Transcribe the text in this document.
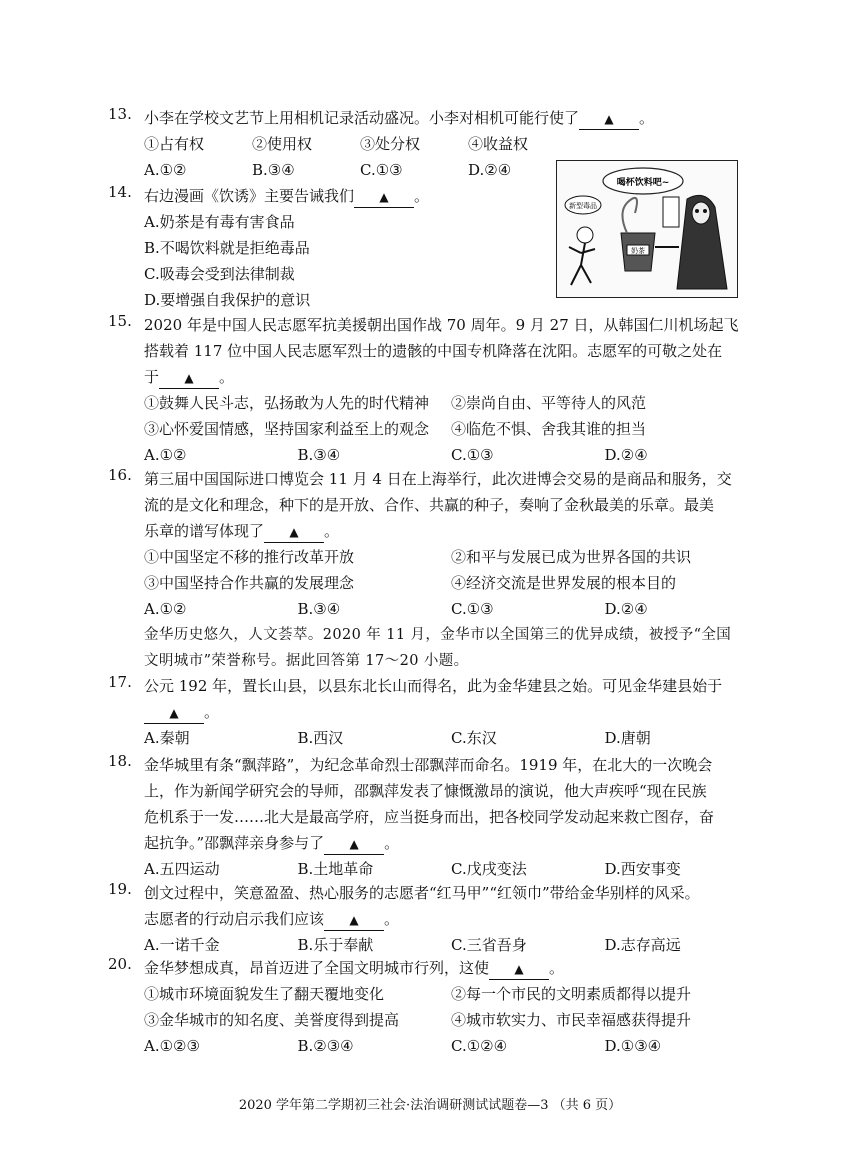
13. 小李在学校文艺节上用相机记录活动盛况。小李对相机可能行使了 ▲ 。
①占有权	②使用权	③处分权	④收益权
A.①②	B.③④	C.①③	D.②④
14. 右边漫画《饮诱》主要告诫我们 ▲ 。
A.奶茶是有毒有害食品
B.不喝饮料就是拒绝毒品
C.吸毒会受到法律制裁
D.要增强自我保护的意识
喝杯饮料吧~
奶茶
新型毒品
15. 2020 年是中国人民志愿军抗美援朝出国作战 70 周年。9 月 27 日，从韩国仁川机场起飞
搭载着 117 位中国人民志愿军烈士的遗骸的中国专机降落在沈阳。志愿军的可敬之处在
于 ▲ 。
①鼓舞人民斗志，弘扬敢为人先的时代精神	②崇尚自由、平等待人的风范
③心怀爱国情感，坚持国家利益至上的观念	④临危不惧、舍我其谁的担当
A.①②	B.③④	C.①③	D.②④
16. 第三届中国国际进口博览会 11 月 4 日在上海举行，此次进博会交易的是商品和服务，交
流的是文化和理念，种下的是开放、合作、共赢的种子，奏响了金秋最美的乐章。最美
乐章的谱写体现了 ▲ 。
①中国坚定不移的推行改革开放	②和平与发展已成为世界各国的共识
③中国坚持合作共赢的发展理念	④经济交流是世界发展的根本目的
A.①②	B.③④	C.①③	D.②④
金华历史悠久，人文荟萃。2020 年 11 月，金华市以全国第三的优异成绩，被授予“全国
文明城市”荣誉称号。据此回答第 17～20 小题。
17. 公元 192 年，置长山县，以县东北长山而得名，此为金华建县之始。可见金华建县始于
▲ 。
A.秦朝	B.西汉	C.东汉	D.唐朝
18. 金华城里有条“飘萍路”，为纪念革命烈士邵飘萍而命名。1919 年，在北大的一次晚会
上，作为新闻学研究会的导师，邵飘萍发表了慷慨激昂的演说，他大声疾呼“现在民族
危机系于一发……北大是最高学府，应当挺身而出，把各校同学发动起来救亡图存，奋
起抗争。”邵飘萍亲身参与了 ▲ 。
A.五四运动	B.土地革命	C.戊戌变法	D.西安事变
19. 创文过程中，笑意盈盈、热心服务的志愿者“红马甲”“红领巾”带给金华别样的风采。
志愿者的行动启示我们应该 ▲ 。
A.一诺千金	B.乐于奉献	C.三省吾身	D.志存高远
20. 金华梦想成真，昂首迈进了全国文明城市行列，这使 ▲ 。
①城市环境面貌发生了翻天覆地变化	②每一个市民的文明素质都得以提升
③金华城市的知名度、美誉度得到提高	④城市软实力、市民幸福感获得提升
A.①②③	B.②③④	C.①②④	D.①③④
2020 学年第二学期初三社会·法治调研测试试题卷—3 （共 6 页）
